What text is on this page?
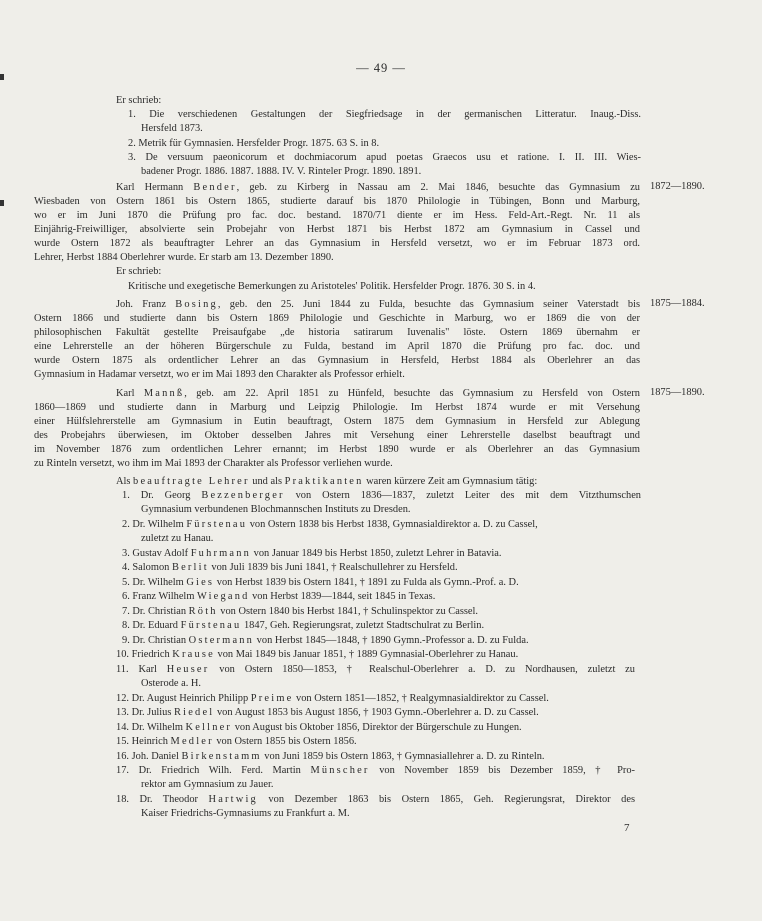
— 49 —
Er schrieb:
1. Die verschiedenen Gestaltungen der Siegfriedsage in der germanischen Litteratur. Inaug.-Diss.
Hersfeld 1873.
2. Metrik für Gymnasien. Hersfelder Progr. 1875. 63 S. in 8.
3. De versuum paeonicorum et dochmiacorum apud poetas Graecos usu et ratione. I. II. III. Wies-
badener Progr. 1886. 1887. 1888. IV. V. Rinteler Progr. 1890. 1891.
Karl Hermann Bender, geb. zu Kirberg in Nassau am 2. Mai 1846, besuchte das Gymnasium zu
Wiesbaden von Ostern 1861 bis Ostern 1865, studierte darauf bis 1870 Philologie in Tübingen, Bonn und Marburg,
wo er im Juni 1870 die Prüfung pro fac. doc. bestand. 1870/71 diente er im Hess. Feld-Art.-Regt. Nr. 11 als
Einjährig-Freiwilliger, absolvierte sein Probejahr von Herbst 1871 bis Herbst 1872 am Gymnasium in Cassel und
wurde Ostern 1872 als beauftragter Lehrer an das Gymnasium in Hersfeld versetzt, wo er im Februar 1873 ord.
Lehrer, Herbst 1884 Oberlehrer wurde. Er starb am 13. Dezember 1890.
Er schrieb:
Kritische und exegetische Bemerkungen zu Aristoteles' Politik. Hersfelder Progr. 1876. 30 S. in 4.
1872—1890.
Joh. Franz Bosing, geb. den 25. Juni 1844 zu Fulda, besuchte das Gymnasium seiner Vaterstadt bis
Ostern 1866 und studierte dann bis Ostern 1869 Philologie und Geschichte in Marburg, wo er 1869 die von der
philosophischen Fakultät gestellte Preisaufgabe „de historia satirarum Iuvenalis" löste. Ostern 1869 übernahm er
eine Lehrerstelle an der höheren Bürgerschule zu Fulda, bestand im April 1870 die Prüfung pro fac. doc. und
wurde Ostern 1875 als ordentlicher Lehrer an das Gymnasium in Hersfeld, Herbst 1884 als Oberlehrer an das
Gymnasium in Hadamar versetzt, wo er im Mai 1893 den Charakter als Professor erhielt.
1875—1884.
Karl Mannß, geb. am 22. April 1851 zu Hünfeld, besuchte das Gymnasium zu Hersfeld von Ostern
1860—1869 und studierte dann in Marburg und Leipzig Philologie. Im Herbst 1874 wurde er mit Versehung
einer Hülfslehrerstelle am Gymnasium in Eutin beauftragt, Ostern 1875 dem Gymnasium in Hersfeld zur Ablegung
des Probejahrs überwiesen, im Oktober desselben Jahres mit Versehung einer Lehrerstelle daselbst beauftragt und
im November 1876 zum ordentlichen Lehrer ernannt; im Herbst 1890 wurde er als Oberlehrer an das Gymnasium
zu Rinteln versetzt, wo ihm im Mai 1893 der Charakter als Professor verliehen wurde.
1875—1890.
Als beauftragte Lehrer und als Praktikanten waren kürzere Zeit am Gymnasium tätig:
1. Dr. Georg Bezzenberger von Ostern 1836—1837, zuletzt Leiter des mit dem Vitzthumschen
Gymnasium verbundenen Blochmannschen Instituts zu Dresden.
2. Dr. Wilhelm Fürstenau von Ostern 1838 bis Herbst 1838, Gymnasialdirektor a. D. zu Cassel,
zuletzt zu Hanau.
3. Gustav Adolf Fuhrmann von Januar 1849 bis Herbst 1850, zuletzt Lehrer in Batavia.
4. Salomon Berlit von Juli 1839 bis Juni 1841, † Realschullehrer zu Hersfeld.
5. Dr. Wilhelm Gies von Herbst 1839 bis Ostern 1841, † 1891 zu Fulda als Gymn.-Prof. a. D.
6. Franz Wilhelm Wiegand von Herbst 1839—1844, seit 1845 in Texas.
7. Dr. Christian Röth von Ostern 1840 bis Herbst 1841, † Schulinspektor zu Cassel.
8. Dr. Eduard Fürstenau 1847, Geh. Regierungsrat, zuletzt Stadtschulrat zu Berlin.
9. Dr. Christian Ostermann von Herbst 1845—1848, † 1890 Gymn.-Professor a. D. zu Fulda.
10. Friedrich Krause von Mai 1849 bis Januar 1851, † 1889 Gymnasial-Oberlehrer zu Hanau.
11. Karl Heuser von Ostern 1850—1853, † Realschul-Oberlehrer a. D. zu Nordhausen, zuletzt zu
Osterode a. H.
12. Dr. August Heinrich Philipp Preime von Ostern 1851—1852, † Realgymnasialdirektor zu Cassel.
13. Dr. Julius Riedel von August 1853 bis August 1856, † 1903 Gymn.-Oberlehrer a. D. zu Cassel.
14. Dr. Wilhelm Kellner von August bis Oktober 1856, Direktor der Bürgerschule zu Hungen.
15. Heinrich Medler von Ostern 1855 bis Ostern 1856.
16. Joh. Daniel Birkenstamm von Juni 1859 bis Ostern 1863, † Gymnasiallehrer a. D. zu Rinteln.
17. Dr. Friedrich Wilh. Ferd. Martin Münscher von November 1859 bis Dezember 1859, † Pro-
rektor am Gymnasium zu Jauer.
18. Dr. Theodor Hartwig von Dezember 1863 bis Ostern 1865, Geh. Regierungsrat, Direktor des
Kaiser Friedrichs-Gymnasiums zu Frankfurt a. M.
7
